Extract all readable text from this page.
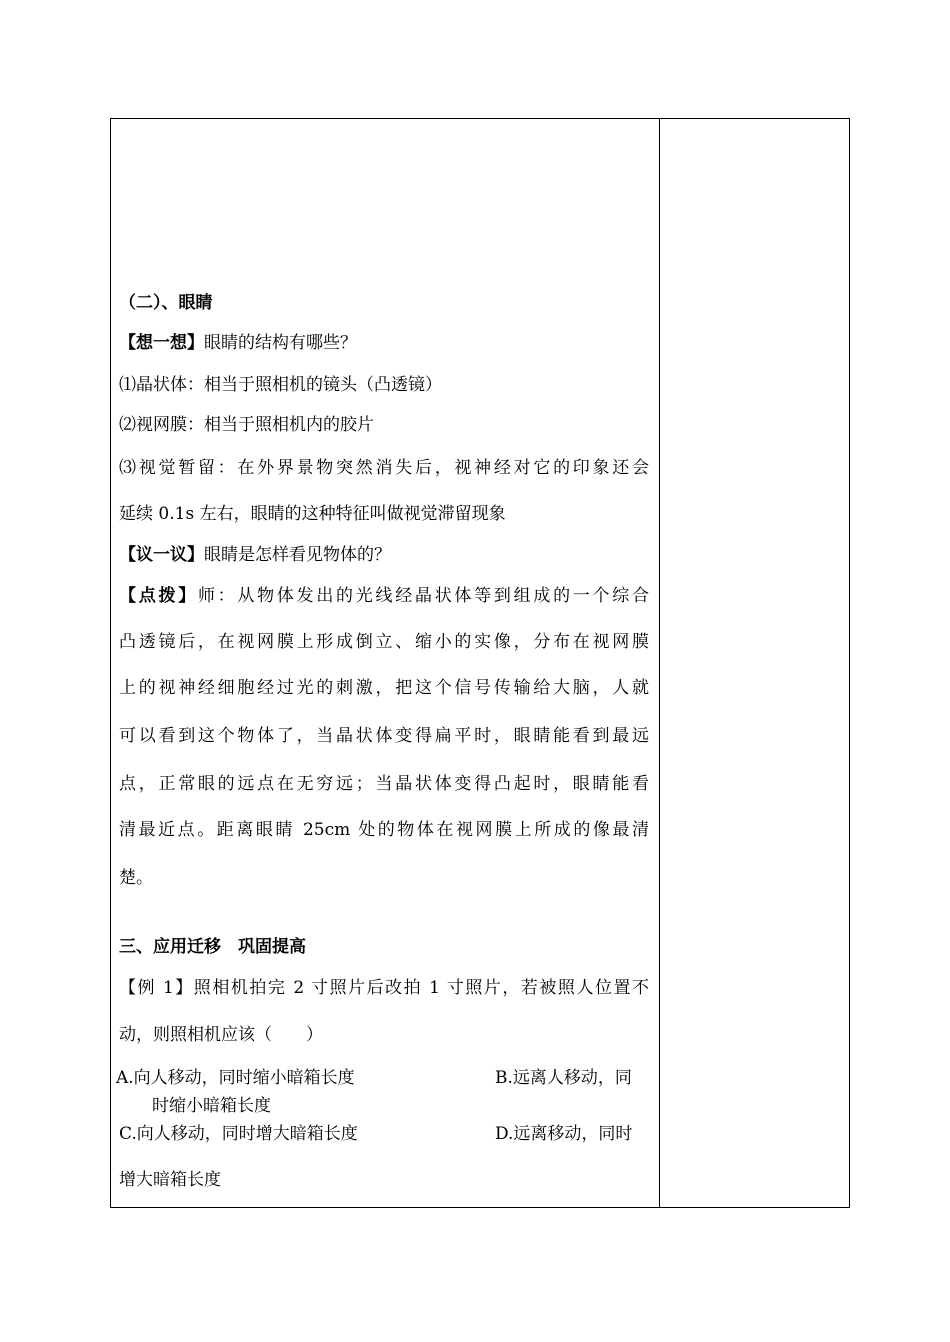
（二）、眼睛
【想一想】眼睛的结构有哪些？
⑴晶状体：相当于照相机的镜头（凸透镜）
⑵视网膜：相当于照相机内的胶片
⑶视觉暂留：在外界景物突然消失后，视神经对它的印象还会
延续 0.1s 左右，眼睛的这种特征叫做视觉滞留现象
【议一议】眼睛是怎样看见物体的？
【点拨】师：从物体发出的光线经晶状体等到组成的一个综合
凸透镜后，在视网膜上形成倒立、缩小的实像，分布在视网膜
上的视神经细胞经过光的刺激，把这个信号传输给大脑，人就
可以看到这个物体了，当晶状体变得扁平时，眼睛能看到最远
点，正常眼的远点在无穷远；当晶状体变得凸起时，眼睛能看
清最近点。距离眼睛 25cm 处的物体在视网膜上所成的像最清
楚。
三、应用迁移　巩固提高
【例 1】照相机拍完 2 寸照片后改拍 1 寸照片，若被照人位置不
动，则照相机应该（　　）
A.向人移动，同时缩小暗箱长度	B.远离人移动，同
时缩小暗箱长度
C.向人移动，同时增大暗箱长度	D.远离移动，同时
增大暗箱长度
